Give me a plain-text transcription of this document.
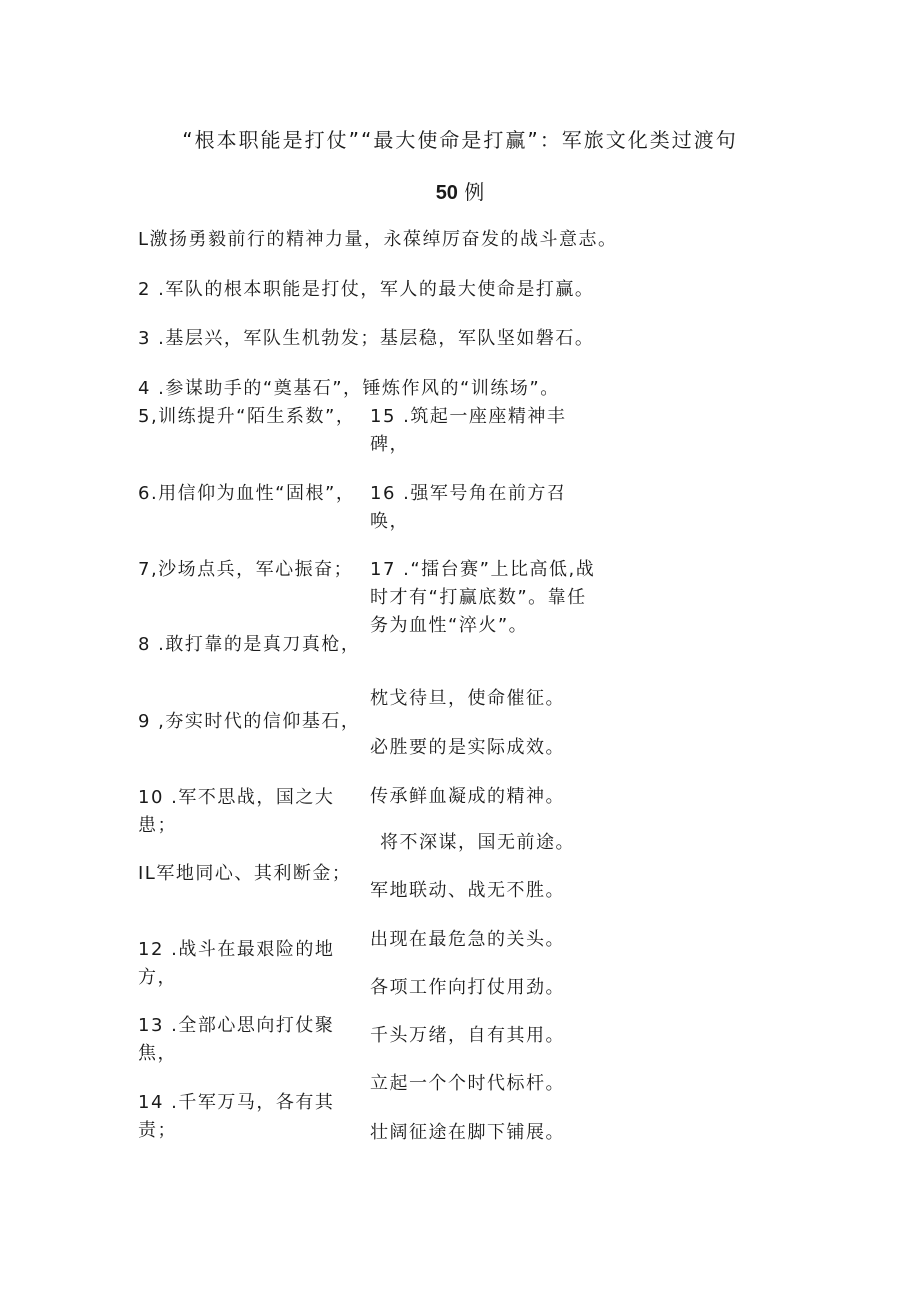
“根本职能是打仗”“最大使命是打赢”：军旅文化类过渡句
50 例
L激扬勇毅前行的精神力量，永葆绰厉奋发的战斗意志。
2 .军队的根本职能是打仗，军人的最大使命是打赢。
3 .基层兴，军队生机勃发；基层稳，军队坚如磐石。
4 .参谋助手的“奠基石”，锤炼作风的“训练场”。
5,训练提升“陌生系数”，
6.用信仰为血性“固根”，
7,沙场点兵，军心振奋；
8 .敢打靠的是真刀真枪，
9 ,夯实时代的信仰基石，
10 .军不思战，国之大患；
IL军地同心、其利断金；
12 .战斗在最艰险的地方，
13 .全部心思向打仗聚焦，
14 .千军万马，各有其责；
15 .筑起一座座精神丰碑，
16 .强军号角在前方召唤，
17 .“擂台赛”上比高低,战时才有“打赢底数”。靠任务为血性“淬火”。
枕戈待旦，使命催征。
必胜要的是实际成效。
传承鲜血凝成的精神。
将不深谋，国无前途。
军地联动、战无不胜。
出现在最危急的关头。
各项工作向打仗用劲。
千头万绪，自有其用。
立起一个个时代标杆。
壮阔征途在脚下铺展。
